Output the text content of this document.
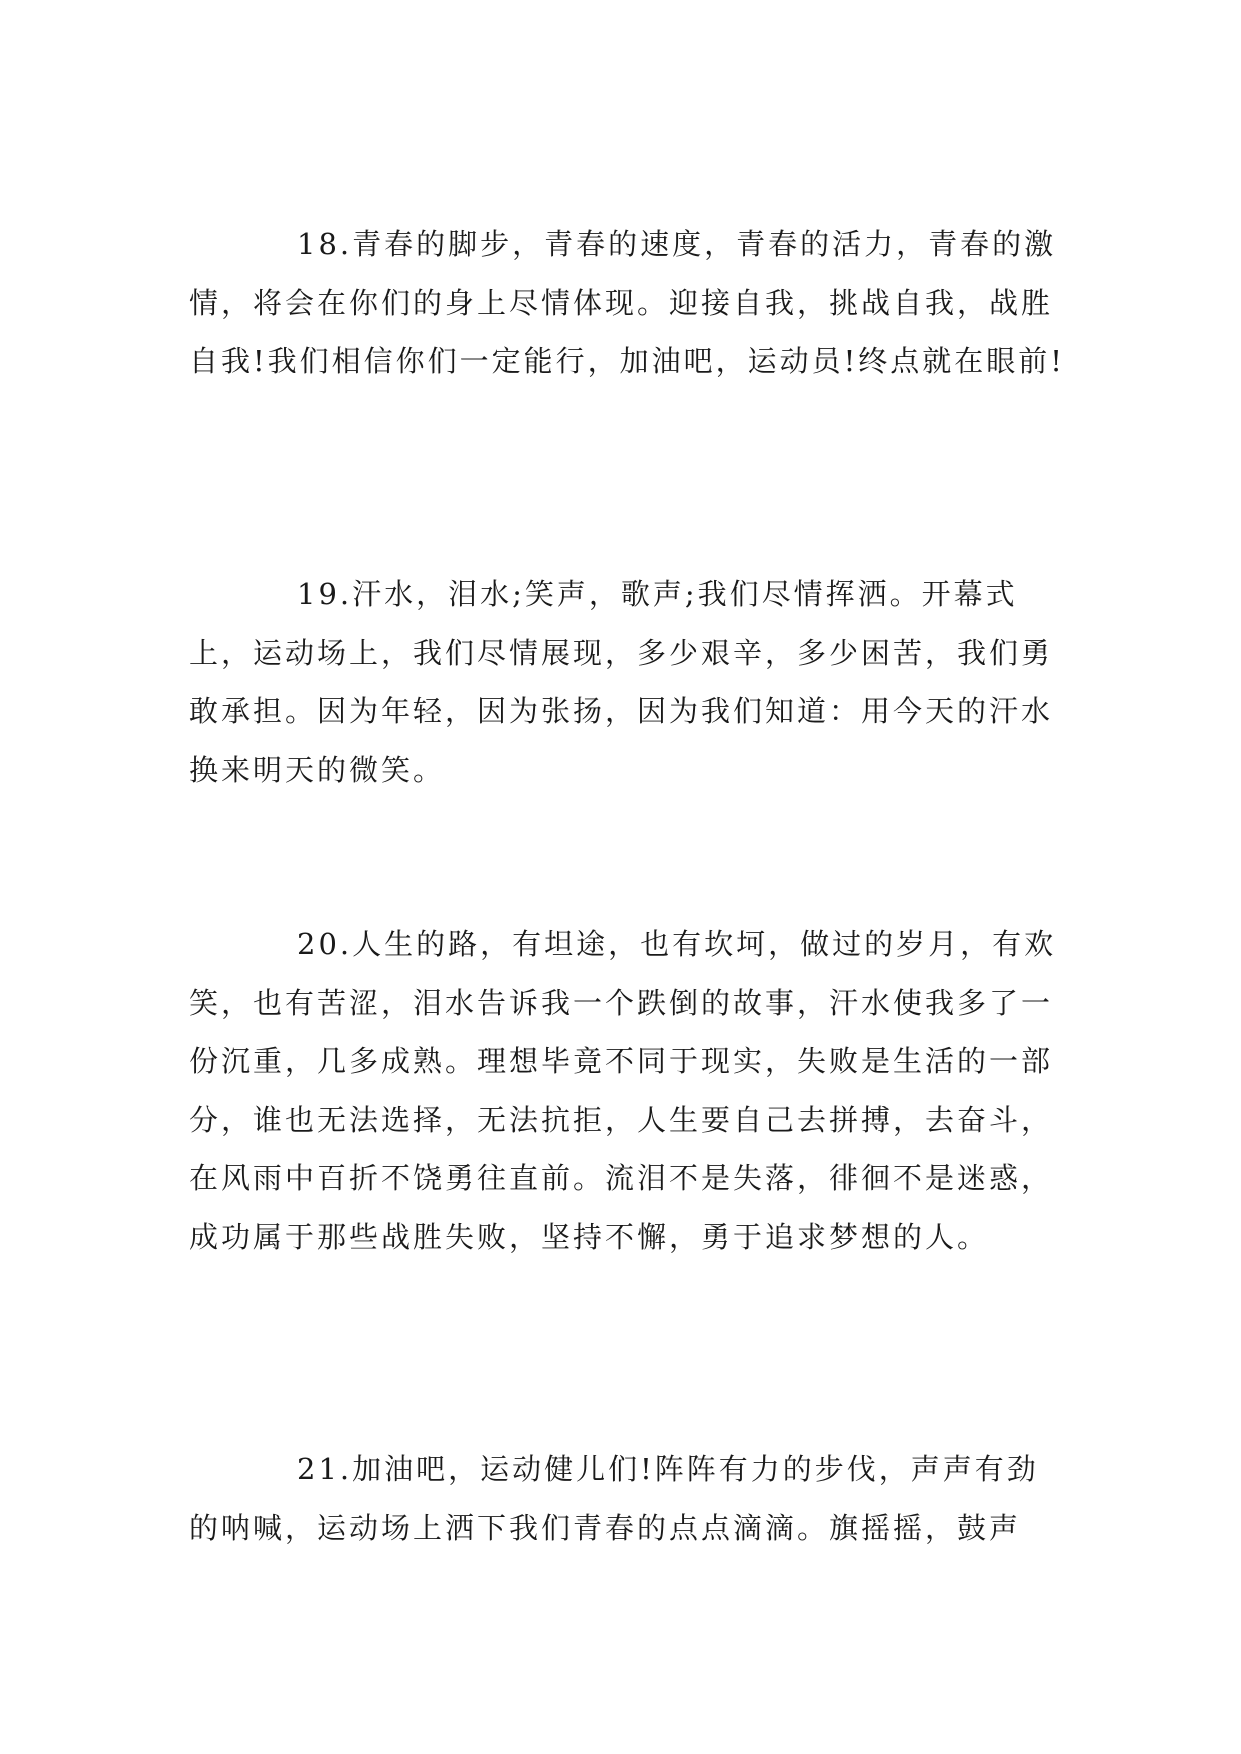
18.青春的脚步，青春的速度，青春的活力，青春的激情，将会在你们的身上尽情体现。迎接自我，挑战自我，战胜自我!我们相信你们一定能行，加油吧，运动员!终点就在眼前!

19.汗水，泪水;笑声，歌声;我们尽情挥洒。开幕式上，运动场上，我们尽情展现，多少艰辛，多少困苦，我们勇敢承担。因为年轻，因为张扬，因为我们知道：用今天的汗水换来明天的微笑。

20.人生的路，有坦途，也有坎坷，做过的岁月，有欢笑，也有苦涩，泪水告诉我一个跌倒的故事，汗水使我多了一份沉重，几多成熟。理想毕竟不同于现实，失败是生活的一部分，谁也无法选择，无法抗拒，人生要自己去拼搏，去奋斗，在风雨中百折不饶勇往直前。流泪不是失落，徘徊不是迷惑，成功属于那些战胜失败，坚持不懈，勇于追求梦想的人。

21.加油吧，运动健儿们!阵阵有力的步伐，声声有劲的呐喊，运动场上洒下我们青春的点点滴滴。旗摇摇，鼓声
